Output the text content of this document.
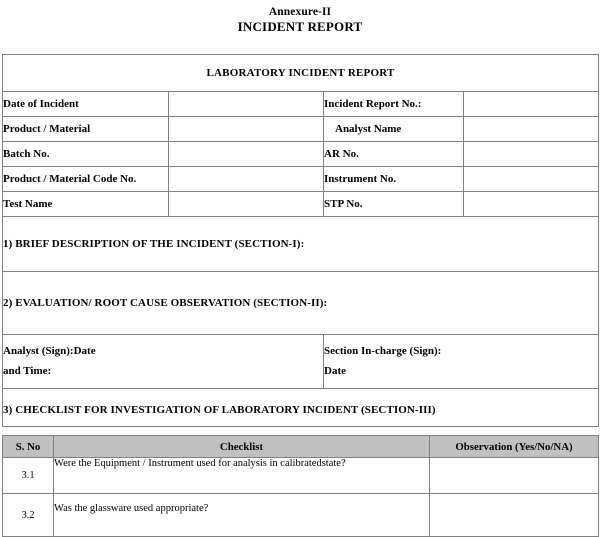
Annexure-II
INCIDENT REPORT
LABORATORY INCIDENT REPORT			
Date of Incident		Incident Report No.:	
Product / Material		Analyst Name	
Batch No.		AR No.	
Product / Material Code No.		Instrument No.	
Test Name		STP No.	
1) BRIEF DESCRIPTION OF THE INCIDENT (SECTION-I):			
2) EVALUATION/ ROOT CAUSE OBSERVATION (SECTION-II):			

Analyst (Sign):Date
and Time:

Section In-charge (Sign):
Date

3) CHECKLIST FOR INVESTIGATION OF LABORATORY INCIDENT (SECTION-III)			
S. No	Checklist	Observation (Yes/No/NA)
3.1	Were the Equipment / Instrument used for analysis in calibratedstate?	
3.2	Was the glassware used appropriate?	
